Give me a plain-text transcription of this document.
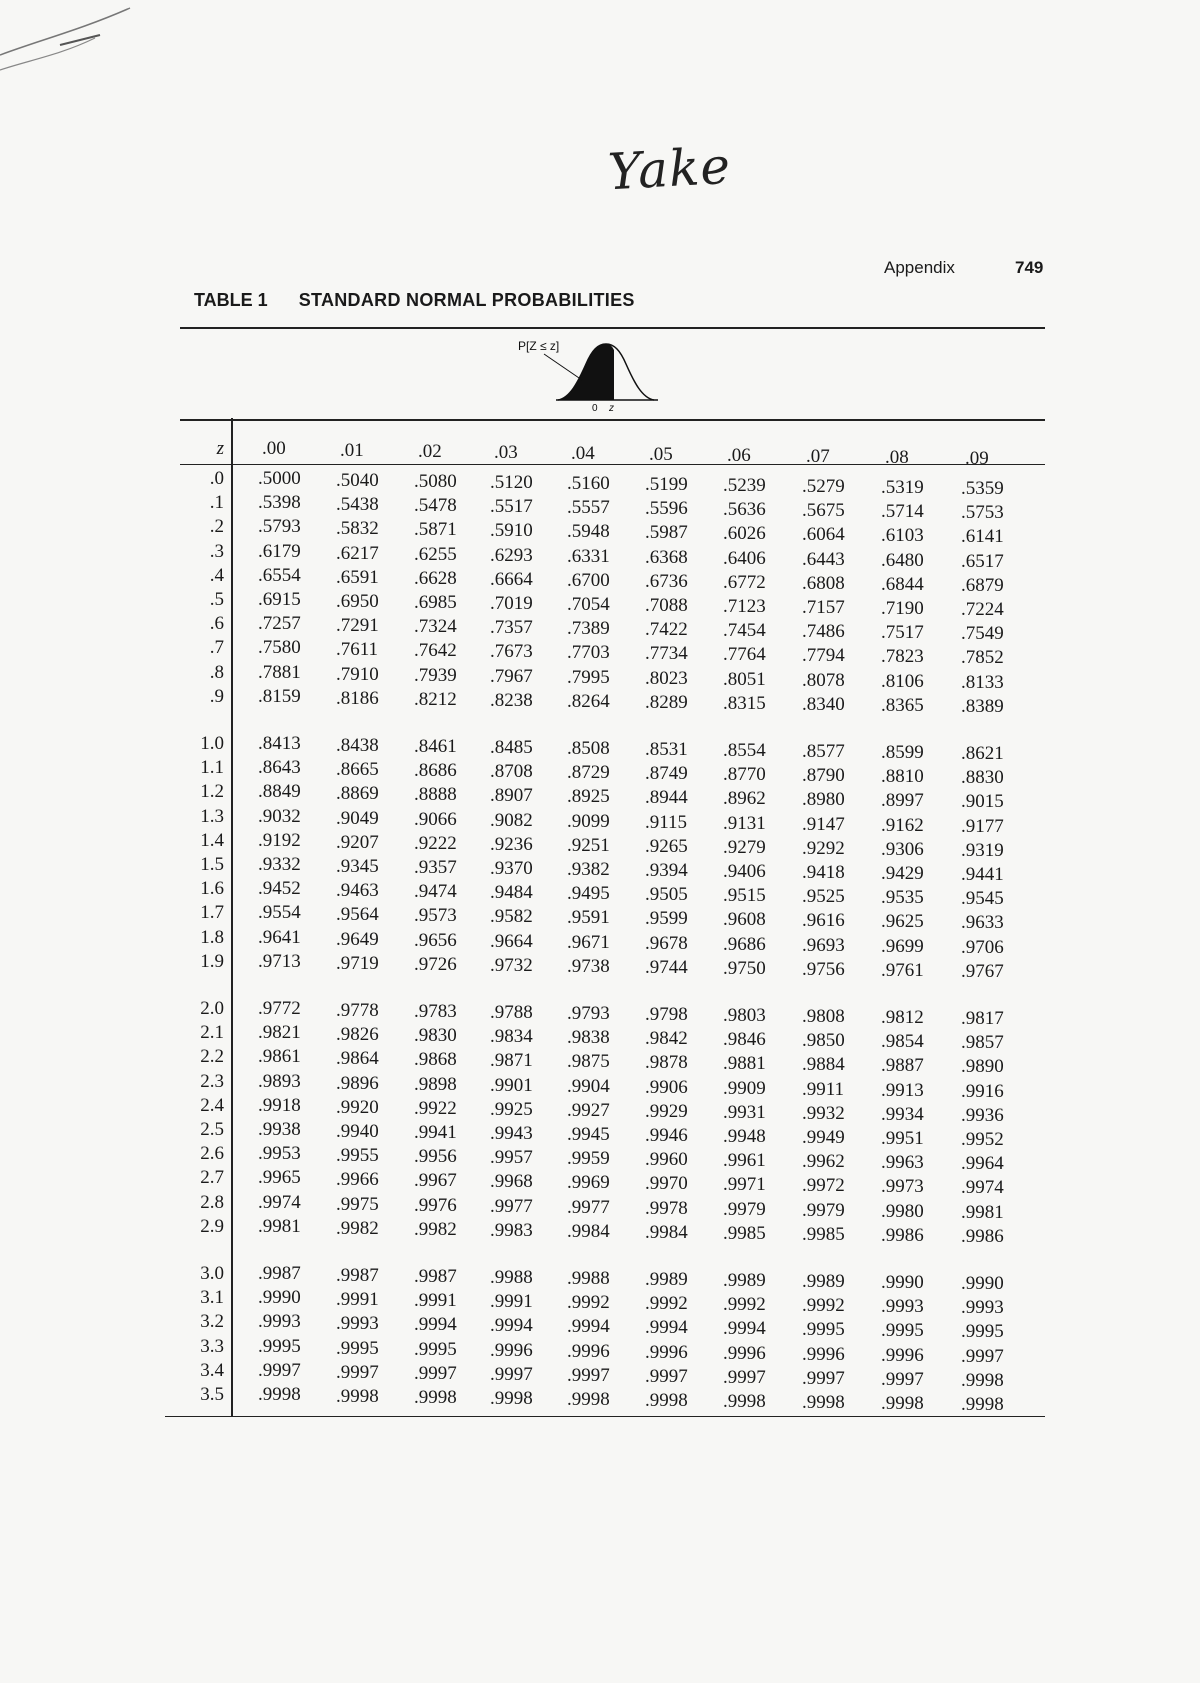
Yake
Appendix	749
TABLE 1 STANDARD NORMAL PROBABILITIES
P[Z ≤ z]
0 z
z .00	.01	.02	.03	.04	.05	.06	.07	.08	.09
.0 .5000 .5040 .5080 .5120 .5160 .5199 .5239 .5279 .5319 .5359
.1 .5398 .5438 .5478 .5517 .5557 .5596 .5636 .5675 .5714 .5753
.2 .5793 .5832 .5871 .5910 .5948 .5987 .6026 .6064 .6103 .6141
.3 .6179 .6217 .6255 .6293 .6331 .6368 .6406 .6443 .6480 .6517
.4 .6554 .6591 .6628 .6664 .6700 .6736 .6772 .6808 .6844 .6879
.5 .6915 .6950 .6985 .7019 .7054 .7088 .7123 .7157 .7190 .7224
.6 .7257 .7291 .7324 .7357 .7389 .7422 .7454 .7486 .7517 .7549
.7 .7580 .7611 .7642 .7673 .7703 .7734 .7764 .7794 .7823 .7852
.8 .7881 .7910 .7939 .7967 .7995 .8023 .8051 .8078 .8106 .8133
.9 .8159 .8186 .8212 .8238 .8264 .8289 .8315 .8340 .8365 .8389
1.0 .8413 .8438 .8461 .8485 .8508 .8531 .8554 .8577 .8599 .8621
1.1 .8643 .8665 .8686 .8708 .8729 .8749 .8770 .8790 .8810 .8830
1.2 .8849 .8869 .8888 .8907 .8925 .8944 .8962 .8980 .8997 .9015
1.3 .9032 .9049 .9066 .9082 .9099 .9115 .9131 .9147 .9162 .9177
1.4 .9192 .9207 .9222 .9236 .9251 .9265 .9279 .9292 .9306 .9319
1.5 .9332 .9345 .9357 .9370 .9382 .9394 .9406 .9418 .9429 .9441
1.6 .9452 .9463 .9474 .9484 .9495 .9505 .9515 .9525 .9535 .9545
1.7 .9554 .9564 .9573 .9582 .9591 .9599 .9608 .9616 .9625 .9633
1.8 .9641 .9649 .9656 .9664 .9671 .9678 .9686 .9693 .9699 .9706
1.9 .9713 .9719 .9726 .9732 .9738 .9744 .9750 .9756 .9761 .9767
2.0 .9772 .9778 .9783 .9788 .9793 .9798 .9803 .9808 .9812 .9817
2.1 .9821 .9826 .9830 .9834 .9838 .9842 .9846 .9850 .9854 .9857
2.2 .9861 .9864 .9868 .9871 .9875 .9878 .9881 .9884 .9887 .9890
2.3 .9893 .9896 .9898 .9901 .9904 .9906 .9909 .9911 .9913 .9916
2.4 .9918 .9920 .9922 .9925 .9927 .9929 .9931 .9932 .9934 .9936
2.5 .9938 .9940 .9941 .9943 .9945 .9946 .9948 .9949 .9951 .9952
2.6 .9953 .9955 .9956 .9957 .9959 .9960 .9961 .9962 .9963 .9964
2.7 .9965 .9966 .9967 .9968 .9969 .9970 .9971 .9972 .9973 .9974
2.8 .9974 .9975 .9976 .9977 .9977 .9978 .9979 .9979 .9980 .9981
2.9 .9981 .9982 .9982 .9983 .9984 .9984 .9985 .9985 .9986 .9986
3.0 .9987 .9987 .9987 .9988 .9988 .9989 .9989 .9989 .9990 .9990
3.1 .9990 .9991 .9991 .9991 .9992 .9992 .9992 .9992 .9993 .9993
3.2 .9993 .9993 .9994 .9994 .9994 .9994 .9994 .9995 .9995 .9995
3.3 .9995 .9995 .9995 .9996 .9996 .9996 .9996 .9996 .9996 .9997
3.4 .9997 .9997 .9997 .9997 .9997 .9997 .9997 .9997 .9997 .9998
3.5 .9998 .9998 .9998 .9998 .9998 .9998 .9998 .9998 .9998 .9998
